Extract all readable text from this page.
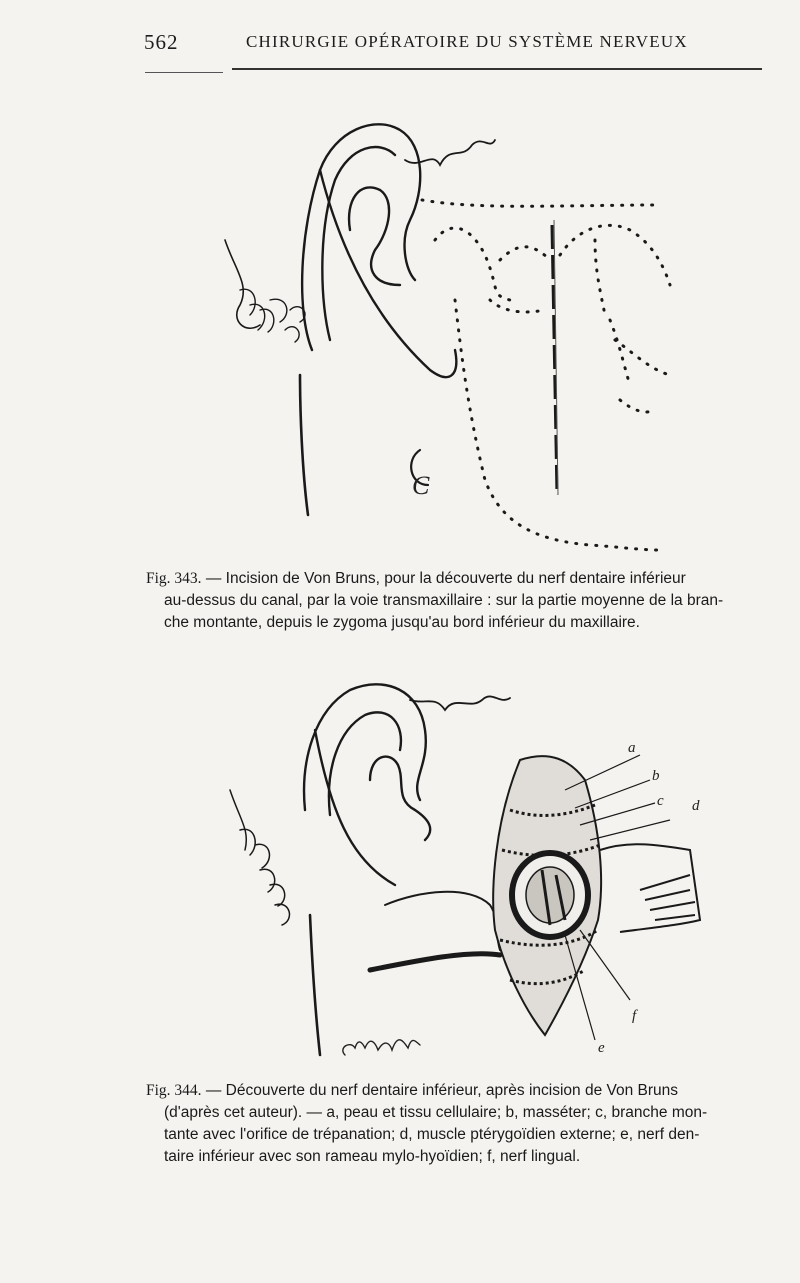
562	CHIRURGIE OPÉRATOIRE DU SYSTÈME NERVEUX
C
Fig. 343. — Incision de Von Bruns, pour la découverte du nerf dentaire inférieur
au-dessus du canal, par la voie transmaxillaire : sur la partie moyenne de la bran-
che montante, depuis le zygoma jusqu'au bord inférieur du maxillaire.
a
b
c d
e
f
Fig. 344. — Découverte du nerf dentaire inférieur, après incision de Von Bruns
(d'après cet auteur). — a, peau et tissu cellulaire; b, masséter; c, branche mon-
tante avec l'orifice de trépanation; d, muscle ptérygoïdien externe; e, nerf den-
taire inférieur avec son rameau mylo-hyoïdien; f, nerf lingual.
